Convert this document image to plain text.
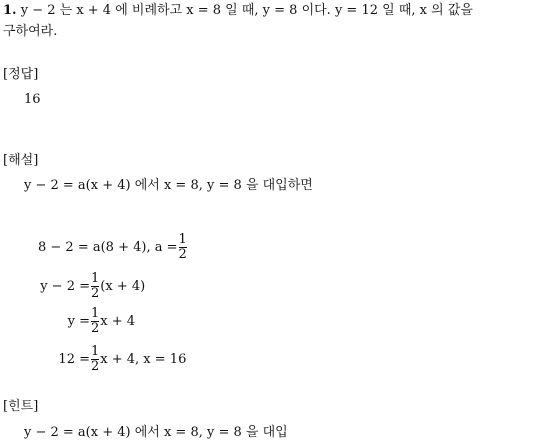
1. y − 2 는 x + 4 에 비례하고 x = 8 일 때, y = 8 이다. y = 12 일 때, x 의 값을
구하여라.
[정답]
16
[해설]
y − 2 = a(x + 4) 에서 x = 8, y = 8 을 대입하면
8 − 2 = a(8 + 4), $a = \frac{1}{2}$
$y - 2 = \frac{1}{2} (x + 4)$
$y = \frac{1}{2}$ x + 4
$12 = \frac{1}{2}$ x + 4, x = 16
[힌트]
y − 2 = a(x + 4) 에서 x = 8, y = 8 을 대입
